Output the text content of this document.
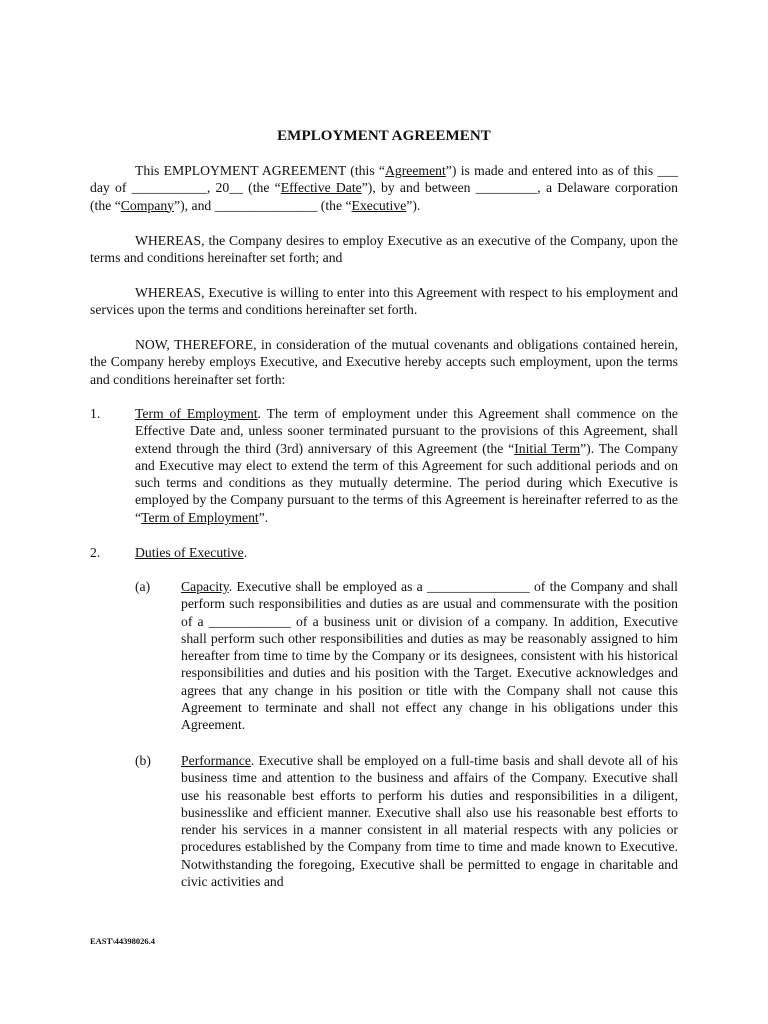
EMPLOYMENT AGREEMENT

This EMPLOYMENT AGREEMENT (this “Agreement”) is made and entered into as of this ___ day of ___________, 20__ (the “Effective Date”), by and between _________, a Delaware corporation (the “Company”), and _______________ (the “Executive”).

WHEREAS, the Company desires to employ Executive as an executive of the Company, upon the terms and conditions hereinafter set forth; and

WHEREAS, Executive is willing to enter into this Agreement with respect to his employment and services upon the terms and conditions hereinafter set forth.

NOW, THEREFORE, in consideration of the mutual covenants and obligations contained herein, the Company hereby employs Executive, and Executive hereby accepts such employment, upon the terms and conditions hereinafter set forth:

1.	Term of Employment. The term of employment under this Agreement shall commence on the Effective Date and, unless sooner terminated pursuant to the provisions of this Agreement, shall extend through the third (3rd) anniversary of this Agreement (the “Initial Term”). The Company and Executive may elect to extend the term of this Agreement for such additional periods and on such terms and conditions as they mutually determine. The period during which Executive is employed by the Company pursuant to the terms of this Agreement is hereinafter referred to as the “Term of Employment”.

2.	Duties of Executive.

(a) Capacity. Executive shall be employed as a _______________ of the Company and shall perform such responsibilities and duties as are usual and commensurate with the position of a ____________ of a business unit or division of a company. In addition, Executive shall perform such other responsibilities and duties as may be reasonably assigned to him hereafter from time to time by the Company or its designees, consistent with his historical responsibilities and duties and his position with the Target. Executive acknowledges and agrees that any change in his position or title with the Company shall not cause this Agreement to terminate and shall not effect any change in his obligations under this Agreement.

(b) Performance. Executive shall be employed on a full-time basis and shall devote all of his business time and attention to the business and affairs of the Company. Executive shall use his reasonable best efforts to perform his duties and responsibilities in a diligent, businesslike and efficient manner. Executive shall also use his reasonable best efforts to render his services in a manner consistent in all material respects with any policies or procedures established by the Company from time to time and made known to Executive. Notwithstanding the foregoing, Executive shall be permitted to engage in charitable and civic activities and

EAST\44398026.4
